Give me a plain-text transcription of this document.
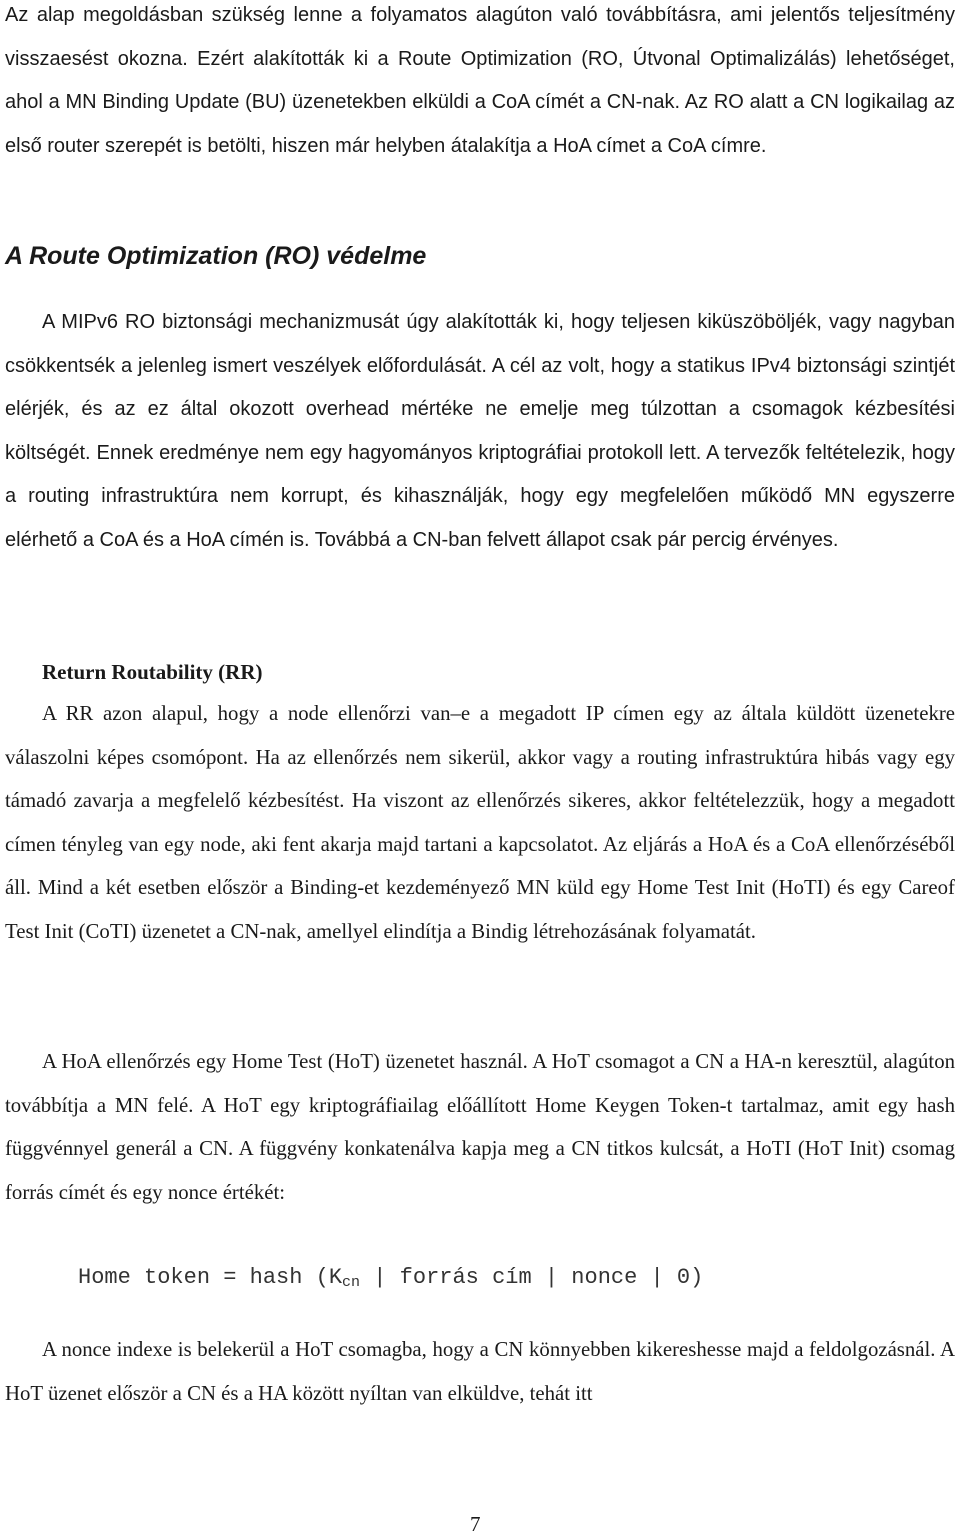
Az alap megoldásban szükség lenne a folyamatos alagúton való továbbításra, ami jelentős teljesítmény visszaesést okozna. Ezért alakították ki a Route Optimization (RO, Útvonal Optimalizálás) lehetőséget, ahol a MN Binding Update (BU) üzenetekben elküldi a CoA címét a CN-nak. Az RO alatt a CN logikailag az első router szerepét is betölti, hiszen már helyben átalakítja a HoA címet a CoA címre.

A Route Optimization (RO) védelme

A MIPv6 RO biztonsági mechanizmusát úgy alakították ki, hogy teljesen kiküszöböljék, vagy nagyban csökkentsék a jelenleg ismert veszélyek előfordulását. A cél az volt, hogy a statikus IPv4 biztonsági szintjét elérjék, és az ez által okozott overhead mértéke ne emelje meg túlzottan a csomagok kézbesítési költségét. Ennek eredménye nem egy hagyományos kriptográfiai protokoll lett. A tervezők feltételezik, hogy a routing infrastruktúra nem korrupt, és kihasználják, hogy egy megfelelően működő MN egyszerre elérhető a CoA és a HoA címén is. Továbbá a CN-ban felvett állapot csak pár percig érvényes.

Return Routability (RR)

A RR azon alapul, hogy a node ellenőrzi van–e a megadott IP címen egy az általa küldött üzenetekre válaszolni képes csomópont. Ha az ellenőrzés nem sikerül, akkor vagy a routing infrastruktúra hibás vagy egy támadó zavarja a megfelelő kézbesítést. Ha viszont az ellenőrzés sikeres, akkor feltételezzük, hogy a megadott címen tényleg van egy node, aki fent akarja majd tartani a kapcsolatot. Az eljárás a HoA és a CoA ellenőrzéséből áll. Mind a két esetben először a Binding-et kezdeményező MN küld egy Home Test Init (HoTI) és egy Careof Test Init (CoTI) üzenetet a CN-nak, amellyel elindítja a Bindig létrehozásának folyamatát.

A HoA ellenőrzés egy Home Test (HoT) üzenetet használ. A HoT csomagot a CN a HA-n keresztül, alagúton továbbítja a MN felé. A HoT egy kriptográfiailag előállított Home Keygen Token-t tartalmaz, amit egy hash függvénnyel generál a CN. A függvény konkatenálva kapja meg a CN titkos kulcsát, a HoTI (HoT Init) csomag forrás címét és egy nonce értékét:

Home token = hash ($K_{cn}$ | forrás cím | nonce | 0)

A nonce indexe is belekerül a HoT csomagba, hogy a CN könnyebben kikereshesse majd a feldolgozásnál. A HoT üzenet először a CN és a HA között nyíltan van elküldve, tehát itt

7
